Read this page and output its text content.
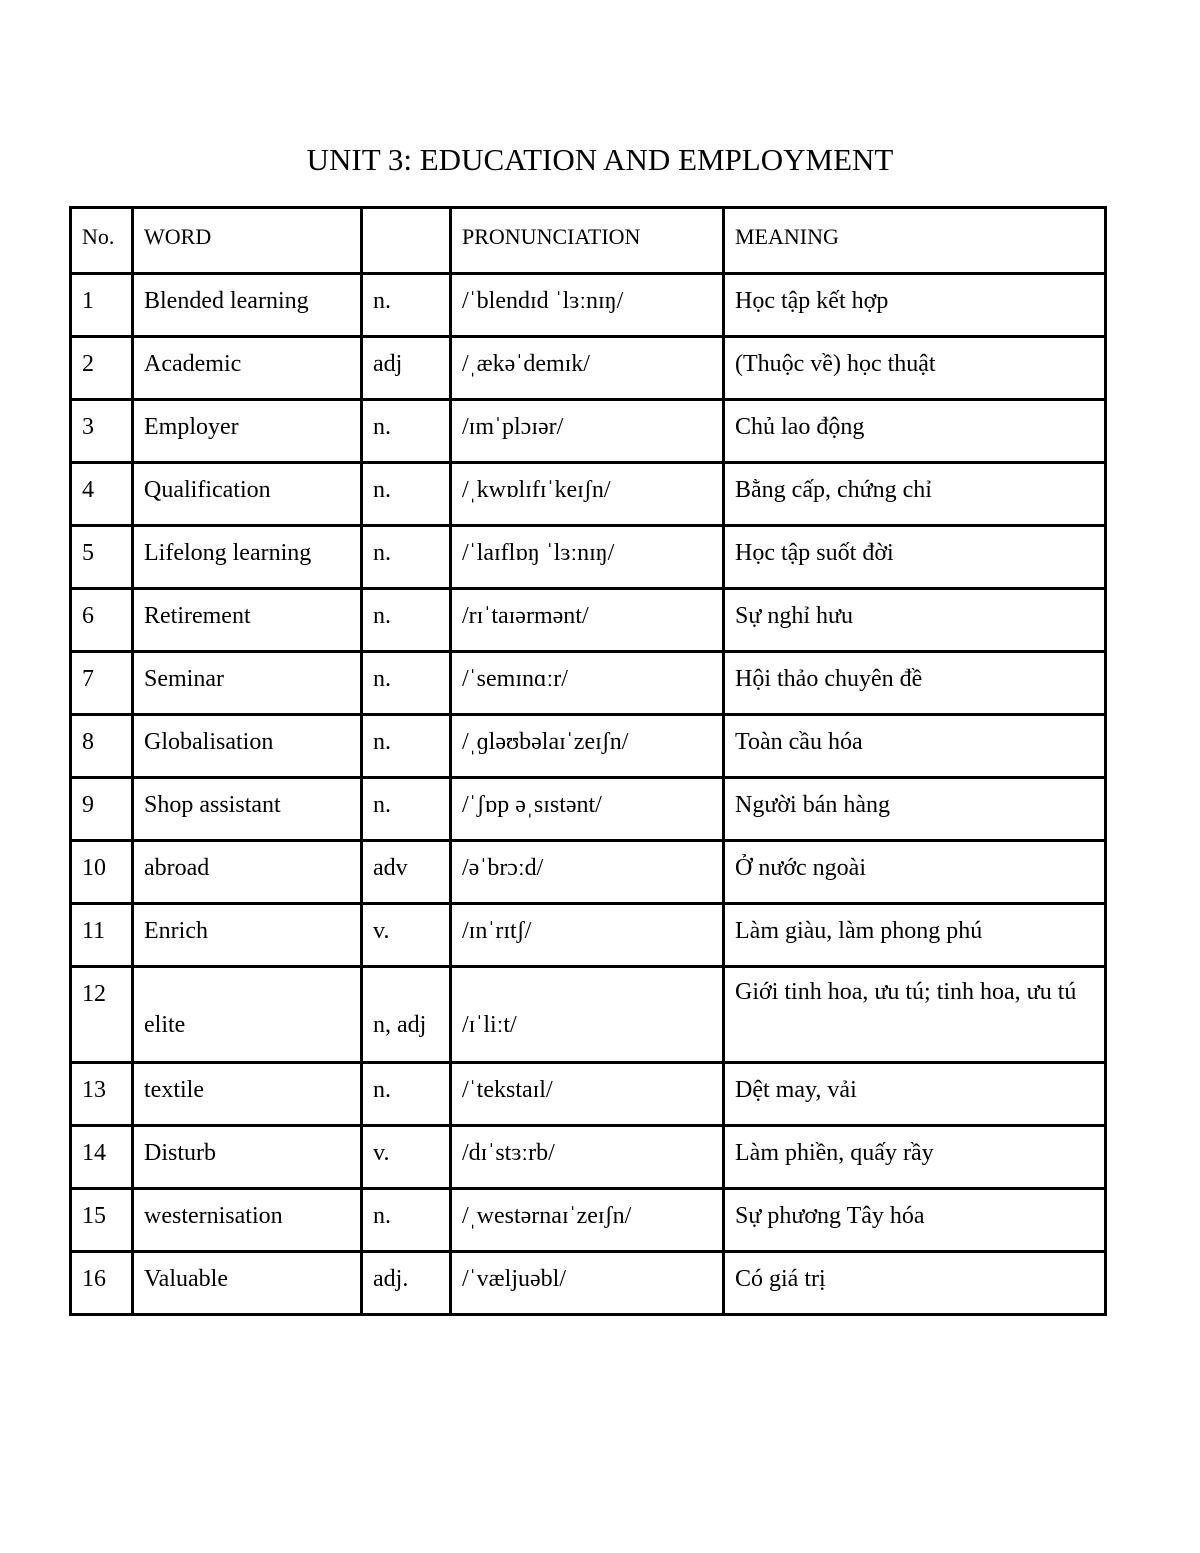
UNIT 3: EDUCATION AND EMPLOYMENT
No.	WORD		PRONUNCIATION	MEANING
1	Blended learning	n.	/ˈblendɪd ˈlɜːnɪŋ/	Học tập kết hợp
2	Academic	adj	/ˌækəˈdemɪk/	(Thuộc về) học thuật
3	Employer	n.	/ɪmˈplɔɪər/	Chủ lao động
4	Qualification	n.	/ˌkwɒlɪfɪˈkeɪʃn/	Bằng cấp, chứng chỉ
5	Lifelong learning	n.	/ˈlaɪflɒŋ ˈlɜːnɪŋ/	Học tập suốt đời
6	Retirement	n.	/rɪˈtaɪərmənt/	Sự nghỉ hưu
7	Seminar	n.	/ˈsemɪnɑːr/	Hội thảo chuyên đề
8	Globalisation	n.	/ˌɡləʊbəlaɪˈzeɪʃn/	Toàn cầu hóa
9	Shop assistant	n.	/ˈʃɒp əˌsɪstənt/	Người bán hàng
10	abroad	adv	/əˈbrɔːd/	Ở nước ngoài
11	Enrich	v.	/ɪnˈrɪtʃ/	Làm giàu, làm phong phú
12	elite	n, adj	/ɪˈliːt/	Giới tinh hoa, ưu tú; tinh hoa, ưu tú
13	textile	n.	/ˈtekstaɪl/	Dệt may, vải
14	Disturb	v.	/dɪˈstɜːrb/	Làm phiền, quấy rầy
15	westernisation	n.	/ˌwestərnaɪˈzeɪʃn/	Sự phương Tây hóa
16	Valuable	adj.	/ˈvæljuəbl/	Có giá trị
